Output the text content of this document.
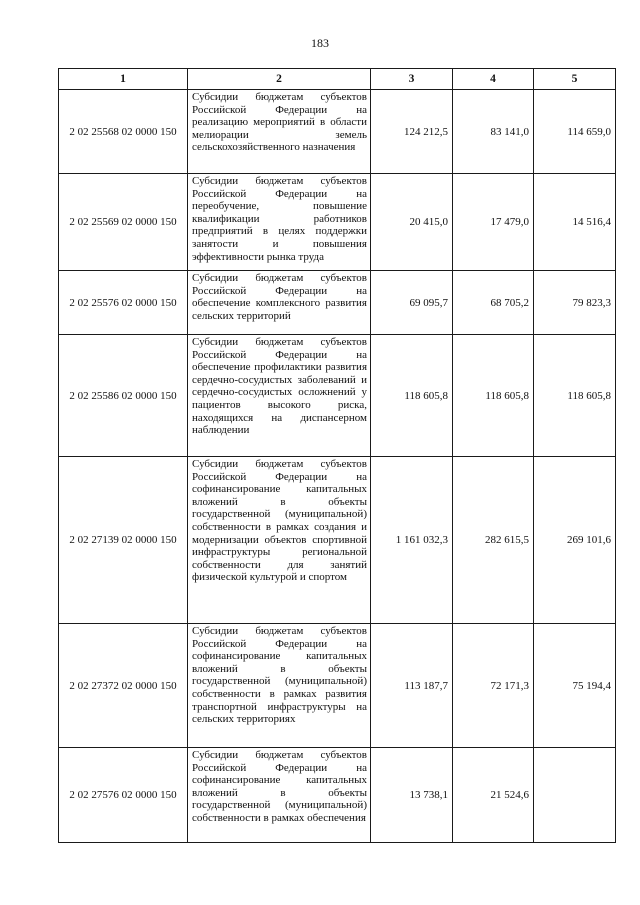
183
1	2	3	4	5
2 02 25568 02 0000 150	Субсидии бюджетам субъектов Российской Федерации на реализацию мероприятий в области мелиорации земель сельскохозяйственного назначения	124 212,5	83 141,0	114 659,0
2 02 25569 02 0000 150	Субсидии бюджетам субъектов Российской Федерации на переобучение, повышение квалификации работников предприятий в целях поддержки занятости и повышения эффективности рынка труда	20 415,0	17 479,0	14 516,4
2 02 25576 02 0000 150	Субсидии бюджетам субъектов Российской Федерации на обеспечение комплексного развития сельских территорий	69 095,7	68 705,2	79 823,3
2 02 25586 02 0000 150	Субсидии бюджетам субъектов Российской Федерации на обеспечение профилактики развития сердечно-сосудистых заболеваний и сердечно-сосудистых осложнений у пациентов высокого риска, находящихся на диспансерном наблюдении	118 605,8	118 605,8	118 605,8
2 02 27139 02 0000 150	Субсидии бюджетам субъектов Российской Федерации на софинансирование капитальных вложений в объекты государственной (муниципальной) собственности в рамках создания и модернизации объектов спортивной инфраструктуры региональной собственности для занятий физической культурой и спортом	1 161 032,3	282 615,5	269 101,6
2 02 27372 02 0000 150	Субсидии бюджетам субъектов Российской Федерации на софинансирование капитальных вложений в объекты государственной (муниципальной) собственности в рамках развития транспортной инфраструктуры на сельских территориях	113 187,7	72 171,3	75 194,4
2 02 27576 02 0000 150	Субсидии бюджетам субъектов Российской Федерации на софинансирование капитальных вложений в объекты государственной (муниципальной) собственности в рамках обеспечения	13 738,1	21 524,6	
